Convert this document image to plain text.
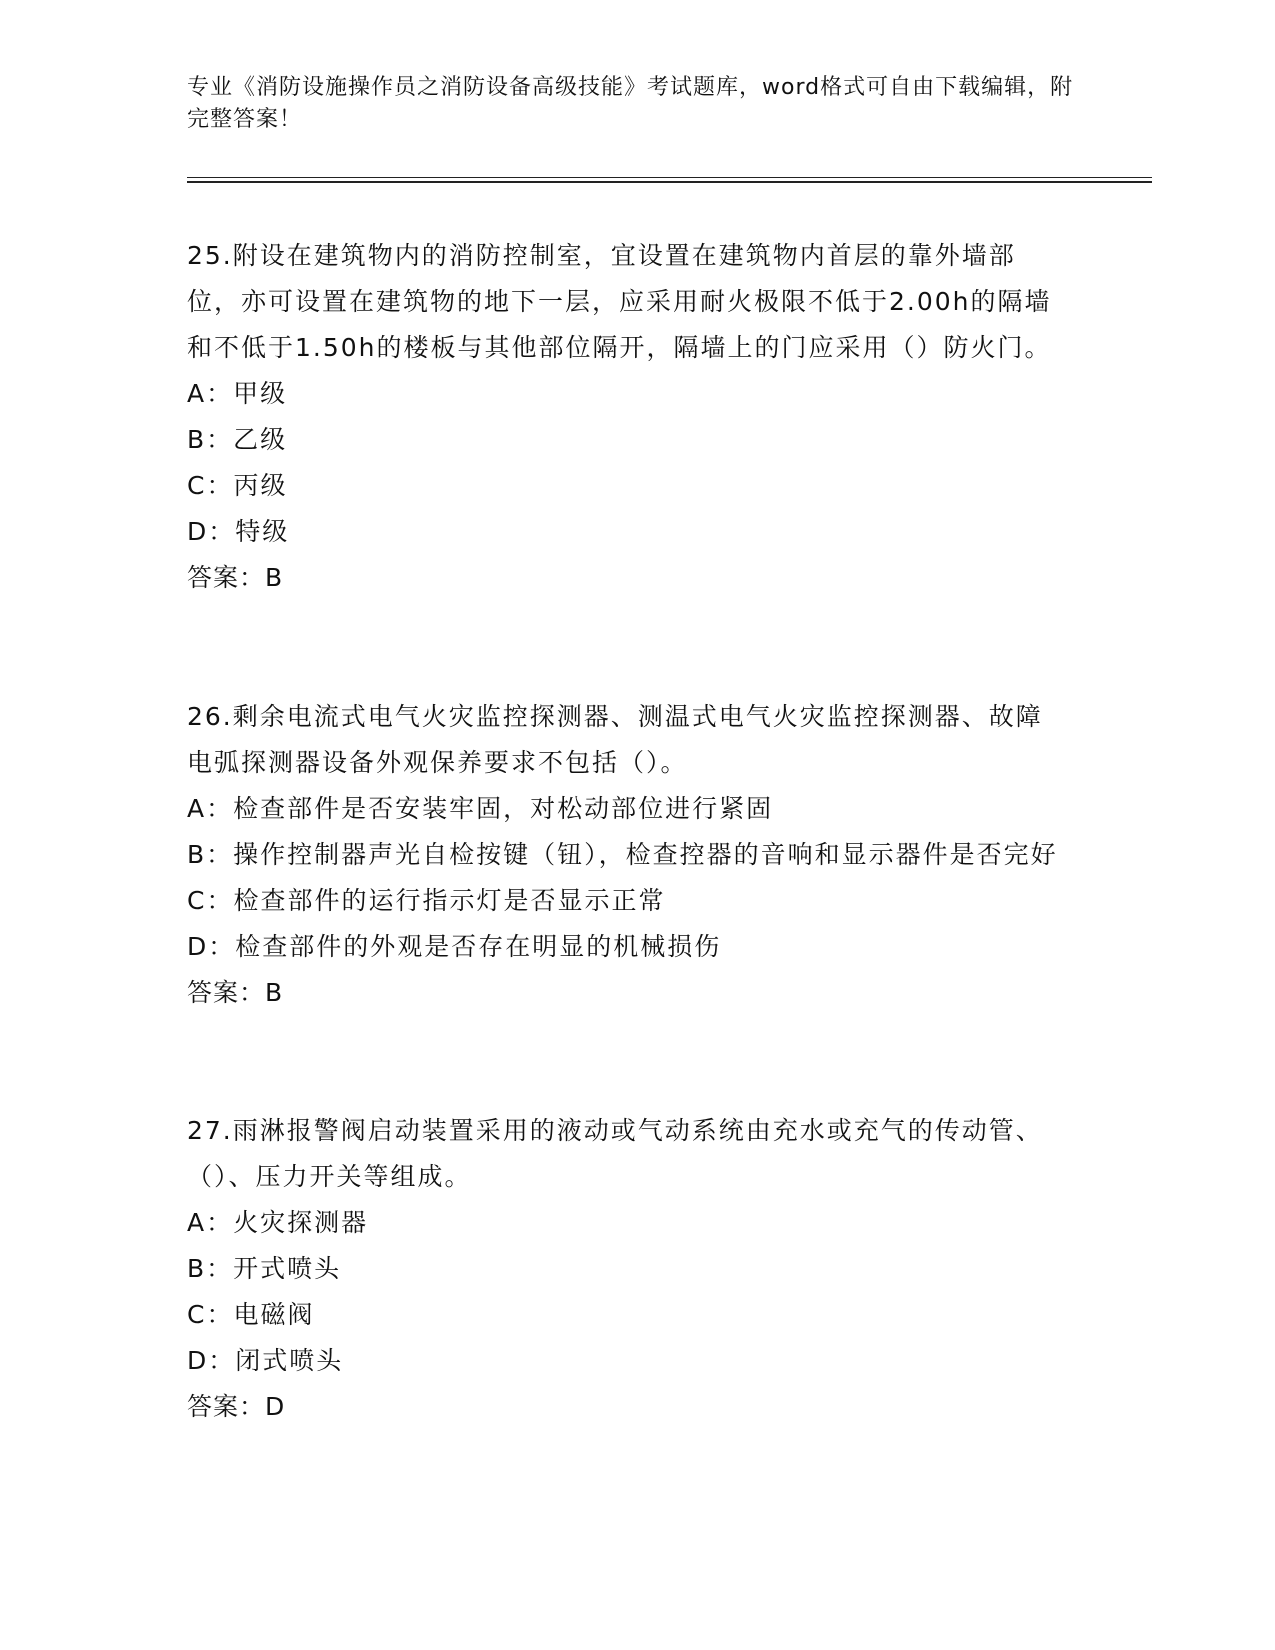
专业《消防设施操作员之消防设备高级技能》考试题库，word格式可自由下载编辑，附完整答案！
25.附设在建筑物内的消防控制室，宜设置在建筑物内首层的靠外墙部位，亦可设置在建筑物的地下一层，应采用耐火极限不低于2.00h的隔墙和不低于1.50h的楼板与其他部位隔开，隔墙上的门应采用（）防火门。
A：甲级
B：乙级
C：丙级
D：特级
答案：B
26.剩余电流式电气火灾监控探测器、测温式电气火灾监控探测器、故障电弧探测器设备外观保养要求不包括（）。
A：检查部件是否安装牢固，对松动部位进行紧固
B：操作控制器声光自检按键（钮），检查控器的音响和显示器件是否完好
C：检查部件的运行指示灯是否显示正常
D：检查部件的外观是否存在明显的机械损伤
答案：B
27.雨淋报警阀启动装置采用的液动或气动系统由充水或充气的传动管、（）、压力开关等组成。
A：火灾探测器
B：开式喷头
C：电磁阀
D：闭式喷头
答案：D
